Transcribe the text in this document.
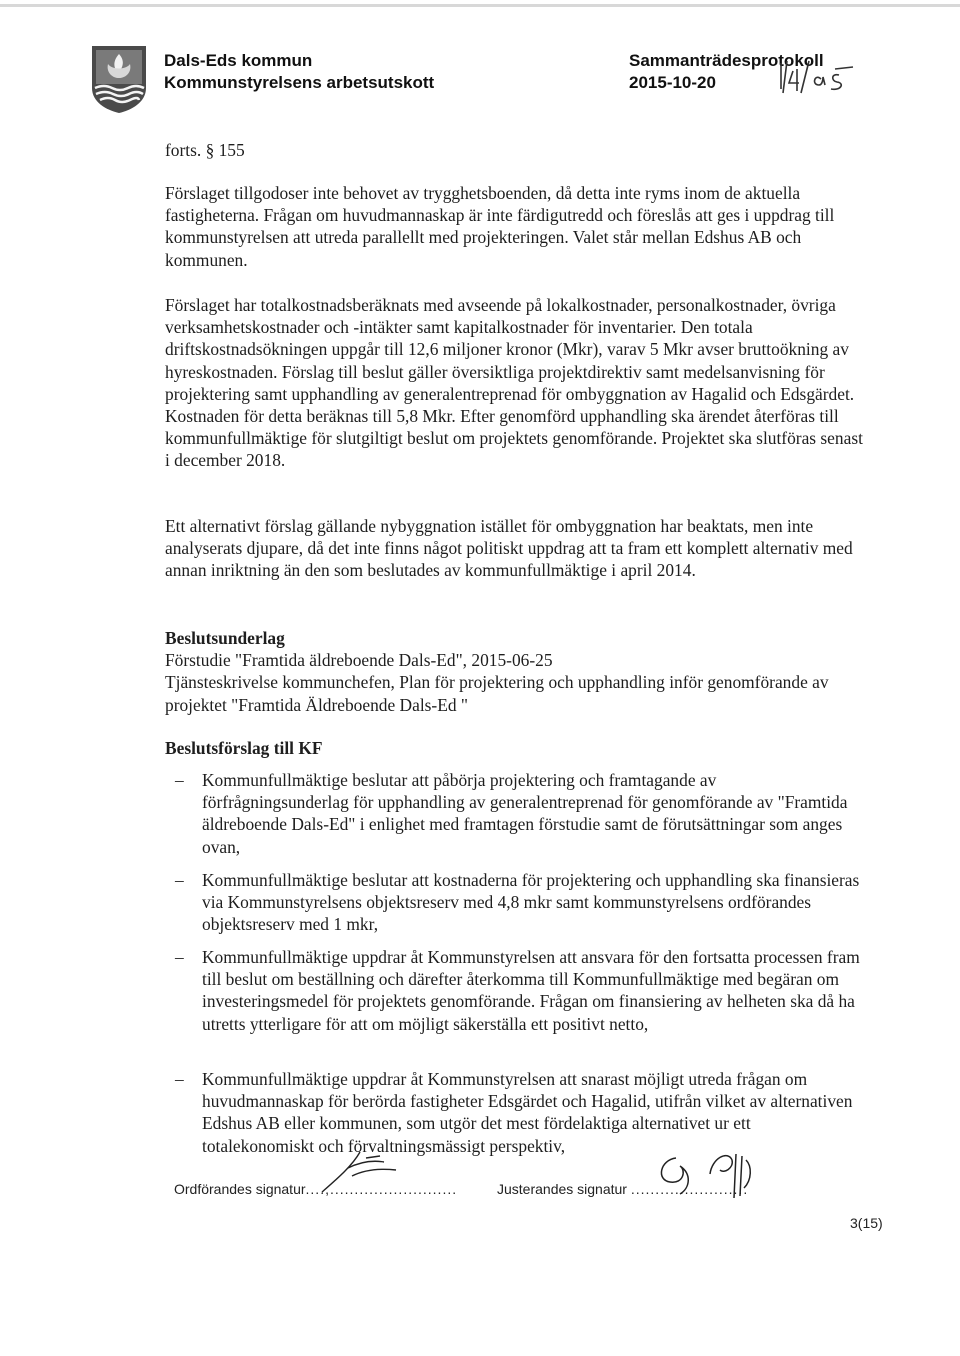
Dals-Eds kommun
Kommunstyrelsens arbetsutskott
Sammanträdesprotokoll
2015-10-20
forts. § 155

Förslaget tillgodoser inte behovet av trygghetsboenden, då detta inte ryms inom de aktuella fastigheterna. Frågan om huvudmannaskap är inte färdigutredd och föreslås att ges i uppdrag till kommunstyrelsen att utreda parallellt med projekteringen. Valet står mellan Edshus AB och kommunen.

Förslaget har totalkostnadsberäknats med avseende på lokalkostnader, personalkostnader, övriga verksamhetskostnader och -intäkter samt kapitalkostnader för inventarier. Den totala driftskostnadsökningen uppgår till 12,6 miljoner kronor (Mkr), varav 5 Mkr avser bruttoökning av hyreskostnaden. Förslag till beslut gäller översiktliga projektdirektiv samt medelsanvisning för projektering samt upphandling av generalentreprenad för ombyggnation av Hagalid och Edsgärdet. Kostnaden för detta beräknas till 5,8 Mkr. Efter genomförd upphandling ska ärendet återföras till kommunfullmäktige för slutgiltigt beslut om projektets genomförande. Projektet ska slutföras senast i december 2018.

Ett alternativt förslag gällande nybyggnation istället för ombyggnation har beaktats, men inte analyserats djupare, då det inte finns något politiskt uppdrag att ta fram ett komplett alternativ med annan inriktning än den som beslutades av kommunfullmäktige i april 2014.

Beslutsunderlag

Förstudie "Framtida äldreboende Dals-Ed", 2015-06-25

Tjänsteskrivelse kommunchefen, Plan för projektering och upphandling inför genomförande av projektet "Framtida Äldreboende Dals-Ed "

Beslutsförslag till KF
– Kommunfullmäktige beslutar att påbörja projektering och framtagande av förfrågningsunderlag för upphandling av generalentreprenad för genomförande av "Framtida äldreboende Dals-Ed" i enlighet med framtagen förstudie samt de förutsättningar som anges ovan,
– Kommunfullmäktige beslutar att kostnaderna för projektering och upphandling ska finansieras via Kommunstyrelsens objektsreserv med 4,8 mkr samt kommunstyrelsens ordförandes objektsreserv med 1 mkr,
– Kommunfullmäktige uppdrar åt Kommunstyrelsen att ansvara för den fortsatta processen fram till beslut om beställning och därefter återkomma till Kommunfullmäktige med begäran om investeringsmedel för projektets genomförande. Frågan om finansiering av helheten ska då ha utretts ytterligare för att om möjligt säkerställa ett positivt netto,
– Kommunfullmäktige uppdrar åt Kommunstyrelsen att snarast möjligt utreda frågan om huvudmannaskap för berörda fastigheter Edsgärdet och Hagalid, utifrån vilket av alternativen Edshus AB eller kommunen, som utgör det mest fördelaktiga alternativet ur ett totalekonomiskt och förvaltningsmässigt perspektiv,
Ordförandes signatur....,..........................	Justerandes signatur ........................
3(15)
